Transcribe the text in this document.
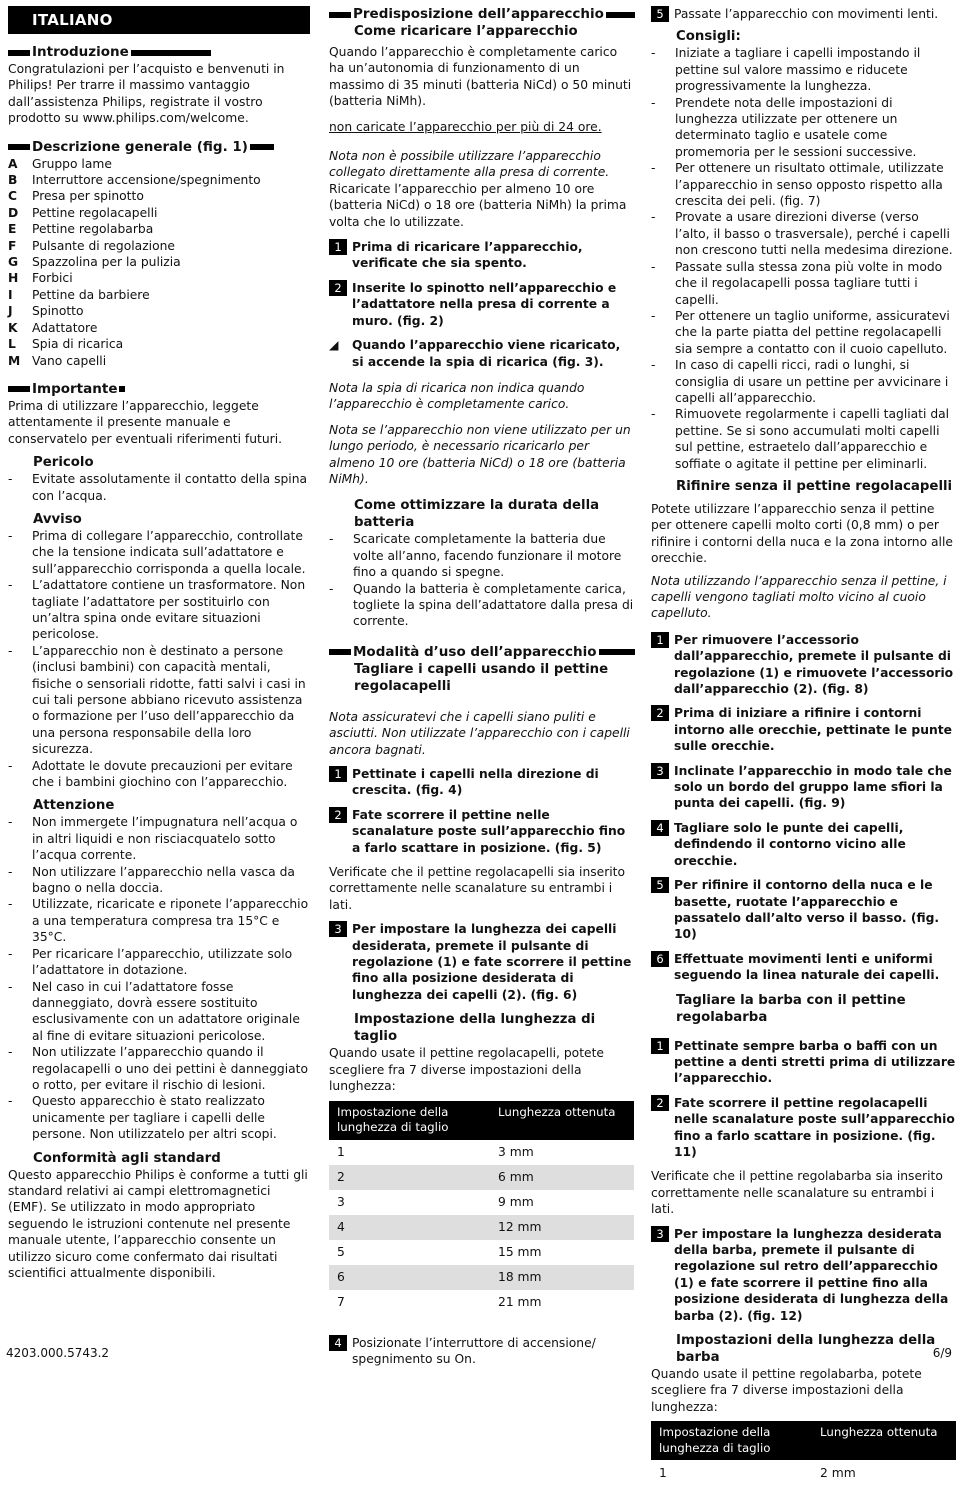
ITALIANO
Introduzione

Congratulazioni per l’acquisto e benvenuti in Philips! Per trarre il massimo vantaggio dall’assistenza Philips, registrate il vostro prodotto su www.philips.com/welcome.

Descrizione generale (fig. 1)
A	Gruppo lame
B	Interruttore accensione/spegnimento
C	Presa per spinotto
D	Pettine regolacapelli
E	Pettine regolabarba
F	Pulsante di regolazione
G	Spazzolina per la pulizia
H	Forbici
I	Pettine da barbiere
J	Spinotto
K	Adattatore
L	Spia di ricarica
M Vano capelli
Importante

Prima di utilizzare l’apparecchio, leggete attentamente il presente manuale e conservatelo per eventuali riferimenti futuri.

Pericolo
-	Evitate assolutamente il contatto della spina con l’acqua.
Avviso
-	Prima di collegare l’apparecchio, controllate che la tensione indicata sull’adattatore e sull’apparecchio corrisponda a quella locale.
-	L’adattatore contiene un trasformatore. Non tagliate l’adattatore per sostituirlo con un’altra spina onde evitare situazioni pericolose.
-	L’apparecchio non è destinato a persone (inclusi bambini) con capacità mentali, fisiche o sensoriali ridotte, fatti salvi i casi in cui tali persone abbiano ricevuto assistenza o formazione per l’uso dell’apparecchio da una persona responsabile della loro sicurezza.
-	Adottate le dovute precauzioni per evitare che i bambini giochino con l’apparecchio.
Attenzione
-	Non immergete l’impugnatura nell’acqua o in altri liquidi e non risciacquatelo sotto l’acqua corrente.
-	Non utilizzare l’apparecchio nella vasca da bagno o nella doccia.
-	Utilizzate, ricaricate e riponete l’apparecchio a una temperatura compresa tra 15°C e 35°C.
-	Per ricaricare l’apparecchio, utilizzate solo l’adattatore in dotazione.
-	Nel caso in cui l’adattatore fosse danneggiato, dovrà essere sostituito esclusivamente con un adattatore originale al fine di evitare situazioni pericolose.
-	Non utilizzate l’apparecchio quando il regolacapelli o uno dei pettini è danneggiato o rotto, per evitare il rischio di lesioni.
-	Questo apparecchio è stato realizzato unicamente per tagliare i capelli delle persone. Non utilizzatelo per altri scopi.
Conformità agli standard

Questo apparecchio Philips è conforme a tutti gli standard relativi ai campi elettromagnetici (EMF). Se utilizzato in modo appropriato seguendo le istruzioni contenute nel presente manuale utente, l’apparecchio consente un utilizzo sicuro come confermato dai risultati scientifici attualmente disponibili.

Predisposizione dell’apparecchio
Come ricaricare l’apparecchio

Quando l’apparecchio è completamente carico ha un’autonomia di funzionamento di un massimo di 35 minuti (batteria NiCd) o 50 minuti (batteria NiMh).

non caricate l’apparecchio per più di 24 ore.

Nota non è possibile utilizzare l’apparecchio collegato direttamente alla presa di corrente.

Ricaricate l’apparecchio per almeno 10 ore (batteria NiCd) o 18 ore (batteria NiMh) la prima volta che lo utilizzate.

1 Prima di ricaricare l’apparecchio, verificate che sia spento.
2 Inserite lo spinotto nell’apparecchio e l’adattatore nella presa di corrente a muro. (fig. 2)
◢	Quando l’apparecchio viene ricaricato, si accende la spia di ricarica (fig. 3).

Nota la spia di ricarica non indica quando l’apparecchio è completamente carico.

Nota se l’apparecchio non viene utilizzato per un lungo periodo, è necessario ricaricarlo per almeno 10 ore (batteria NiCd) o 18 ore (batteria NiMh).

Come ottimizzare la durata della batteria
-	Scaricate completamente la batteria due volte all’anno, facendo funzionare il motore fino a quando si spegne.
-	Quando la batteria è completamente carica, togliete la spina dell’adattatore dalla presa di corrente.
Modalità d’uso dell’apparecchio
Tagliare i capelli usando il pettine regolacapelli

Nota assicuratevi che i capelli siano puliti e asciutti. Non utilizzate l’apparecchio con i capelli ancora bagnati.

1 Pettinate i capelli nella direzione di crescita. (fig. 4)
2 Fate scorrere il pettine nelle scanalature poste sull’apparecchio fino a farlo scattare in posizione. (fig. 5)

Verificate che il pettine regolacapelli sia inserito correttamente nelle scanalature su entrambi i lati.

3 Per impostare la lunghezza dei capelli desiderata, premete il pulsante di regolazione (1) e fate scorrere il pettine fino alla posizione desiderata di lunghezza dei capelli (2). (fig. 6)
Impostazione della lunghezza di taglio

Quando usate il pettine regolacapelli, potete scegliere fra 7 diverse impostazioni della lunghezza:

Impostazione della lunghezza di taglio	Lunghezza ottenuta
1	3 mm
2	6 mm
3	9 mm
4	12 mm
5	15 mm
6	18 mm
7	21 mm
4 Posizionate l’interruttore di accensione/ spegnimento su On.
5 Passate l’apparecchio con movimenti lenti.
Consigli:
-	Iniziate a tagliare i capelli impostando il pettine sul valore massimo e riducete progressivamente la lunghezza.
-	Prendete nota delle impostazioni di lunghezza utilizzate per ottenere un determinato taglio e usatele come promemoria per le sessioni successive.
-	Per ottenere un risultato ottimale, utilizzate l’apparecchio in senso opposto rispetto alla crescita dei peli. (fig. 7)
-	Provate a usare direzioni diverse (verso l’alto, il basso o trasversale), perché i capelli non crescono tutti nella medesima direzione.
-	Passate sulla stessa zona più volte in modo che il regolacapelli possa tagliare tutti i capelli.
-	Per ottenere un taglio uniforme, assicuratevi che la parte piatta del pettine regolacapelli sia sempre a contatto con il cuoio capelluto.
-	In caso di capelli ricci, radi o lunghi, si consiglia di usare un pettine per avvicinare i capelli all’apparecchio.
-	Rimuovete regolarmente i capelli tagliati dal pettine. Se si sono accumulati molti capelli sul pettine, estraetelo dall’apparecchio e soffiate o agitate il pettine per eliminarli.
Rifinire senza il pettine regolacapelli

Potete utilizzare l’apparecchio senza il pettine per ottenere capelli molto corti (0,8 mm) o per rifinire i contorni della nuca e la zona intorno alle orecchie.

Nota utilizzando l’apparecchio senza il pettine, i capelli vengono tagliati molto vicino al cuoio capelluto.

1 Per rimuovere l’accessorio dall’apparecchio, premete il pulsante di regolazione (1) e rimuovete l’accessorio dall’apparecchio (2). (fig. 8)
2 Prima di iniziare a rifinire i contorni intorno alle orecchie, pettinate le punte sulle orecchie.
3 Inclinate l’apparecchio in modo tale che solo un bordo del gruppo lame sfiori la punta dei capelli. (fig. 9)
4 Tagliare solo le punte dei capelli, defindendo il contorno vicino alle orecchie.
5 Per rifinire il contorno della nuca e le basette, ruotate l’apparecchio e passatelo dall’alto verso il basso. (fig. 10)
6 Effettuate movimenti lenti e uniformi seguendo la linea naturale dei capelli.
Tagliare la barba con il pettine regolabarba
1 Pettinate sempre barba o baffi con un pettine a denti stretti prima di utilizzare l’apparecchio.
2 Fate scorrere il pettine regolacapelli nelle scanalature poste sull’apparecchio fino a farlo scattare in posizione. (fig. 11)

Verificate che il pettine regolabarba sia inserito correttamente nelle scanalature su entrambi i lati.

3 Per impostare la lunghezza desiderata della barba, premete il pulsante di regolazione sul retro dell’apparecchio (1) e fate scorrere il pettine fino alla posizione desiderata di lunghezza della barba (2). (fig. 12)
Impostazioni della lunghezza della barba

Quando usate il pettine regolabarba, potete scegliere fra 7 diverse impostazioni della lunghezza:

Impostazione della lunghezza di taglio	Lunghezza ottenuta
1	2 mm
4203.000.5743.2	6/9
